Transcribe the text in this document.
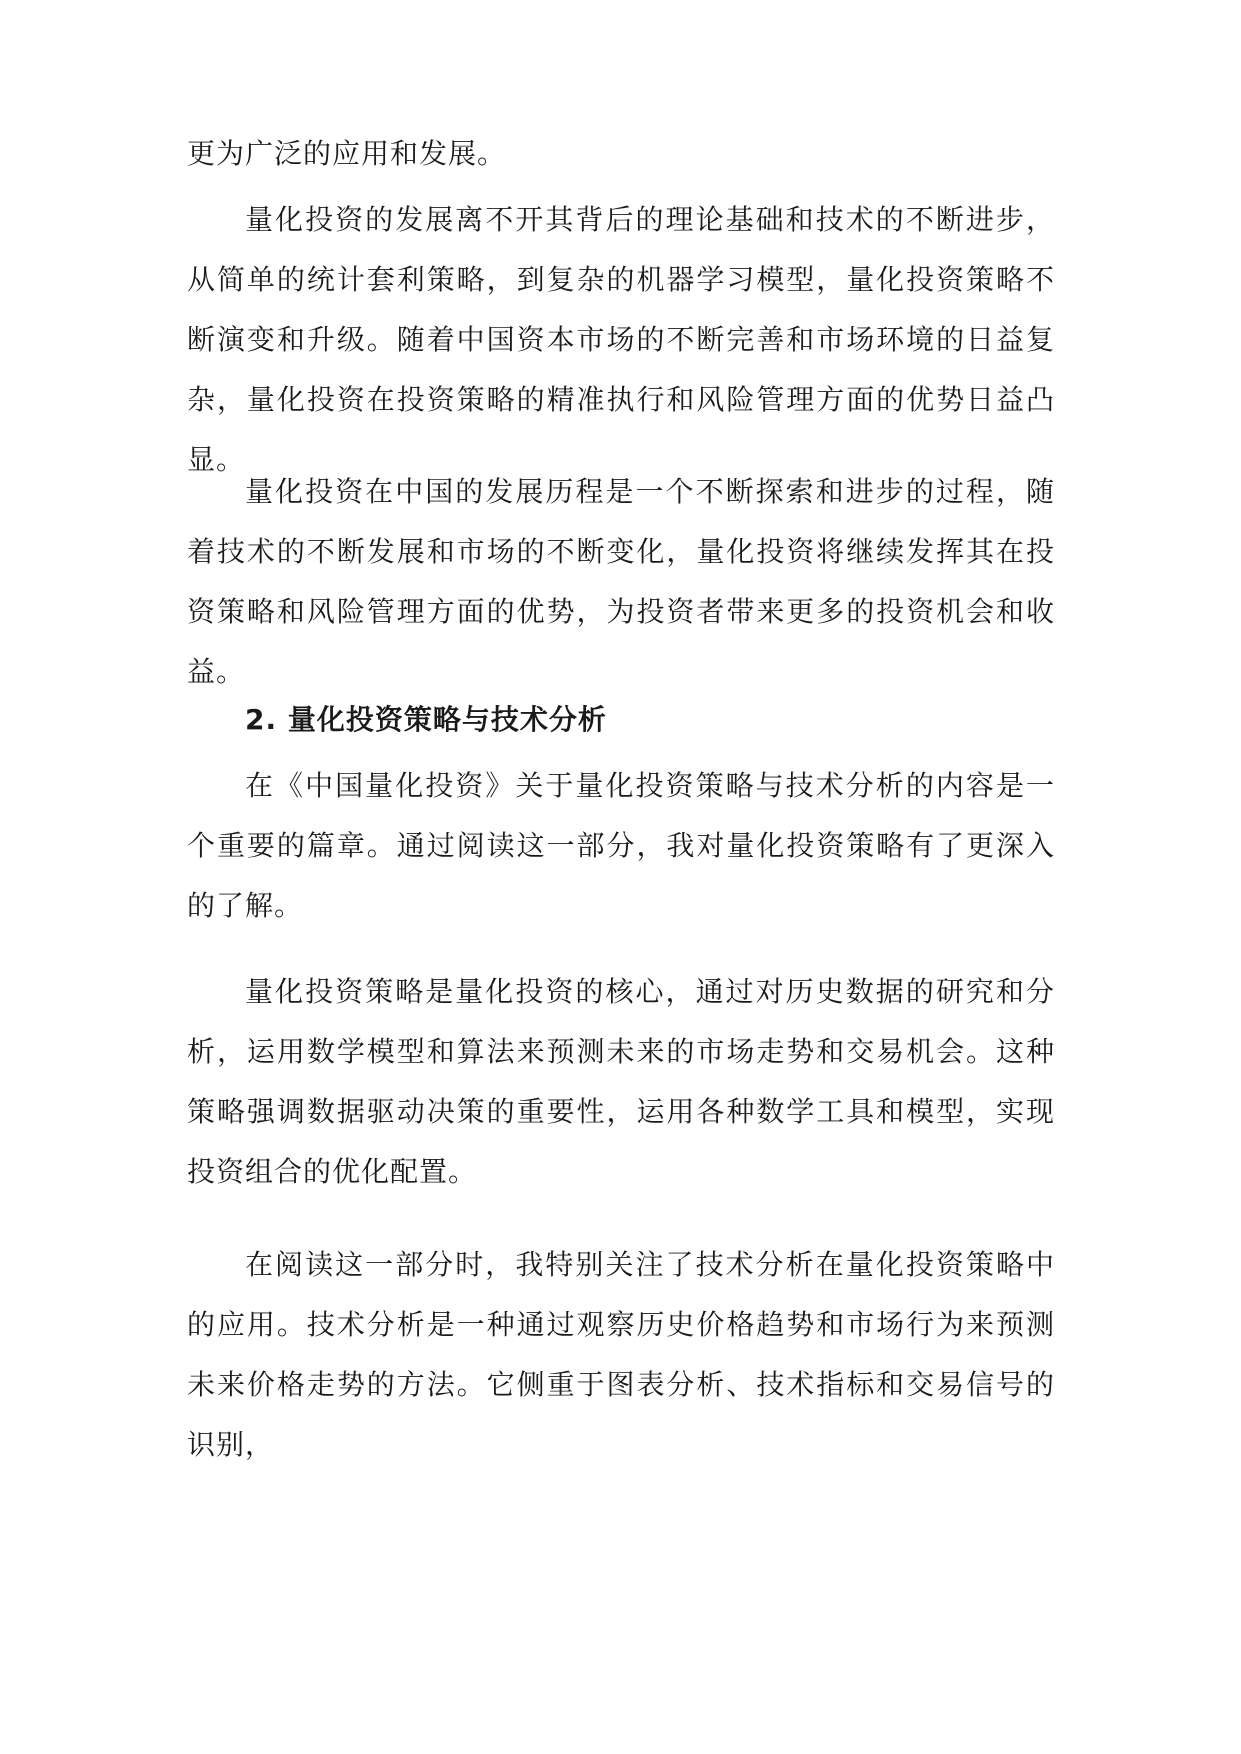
更为广泛的应用和发展。

量化投资的发展离不开其背后的理论基础和技术的不断进步，从简单的统计套利策略，到复杂的机器学习模型，量化投资策略不断演变和升级。随着中国资本市场的不断完善和市场环境的日益复杂，量化投资在投资策略的精准执行和风险管理方面的优势日益凸显。

量化投资在中国的发展历程是一个不断探索和进步的过程，随着技术的不断发展和市场的不断变化，量化投资将继续发挥其在投资策略和风险管理方面的优势，为投资者带来更多的投资机会和收益。

2. 量化投资策略与技术分析

在《中国量化投资》关于量化投资策略与技术分析的内容是一个重要的篇章。通过阅读这一部分，我对量化投资策略有了更深入的了解。

量化投资策略是量化投资的核心，通过对历史数据的研究和分析，运用数学模型和算法来预测未来的市场走势和交易机会。这种策略强调数据驱动决策的重要性，运用各种数学工具和模型，实现投资组合的优化配置。

在阅读这一部分时，我特别关注了技术分析在量化投资策略中的应用。技术分析是一种通过观察历史价格趋势和市场行为来预测未来价格走势的方法。它侧重于图表分析、技术指标和交易信号的识别，
